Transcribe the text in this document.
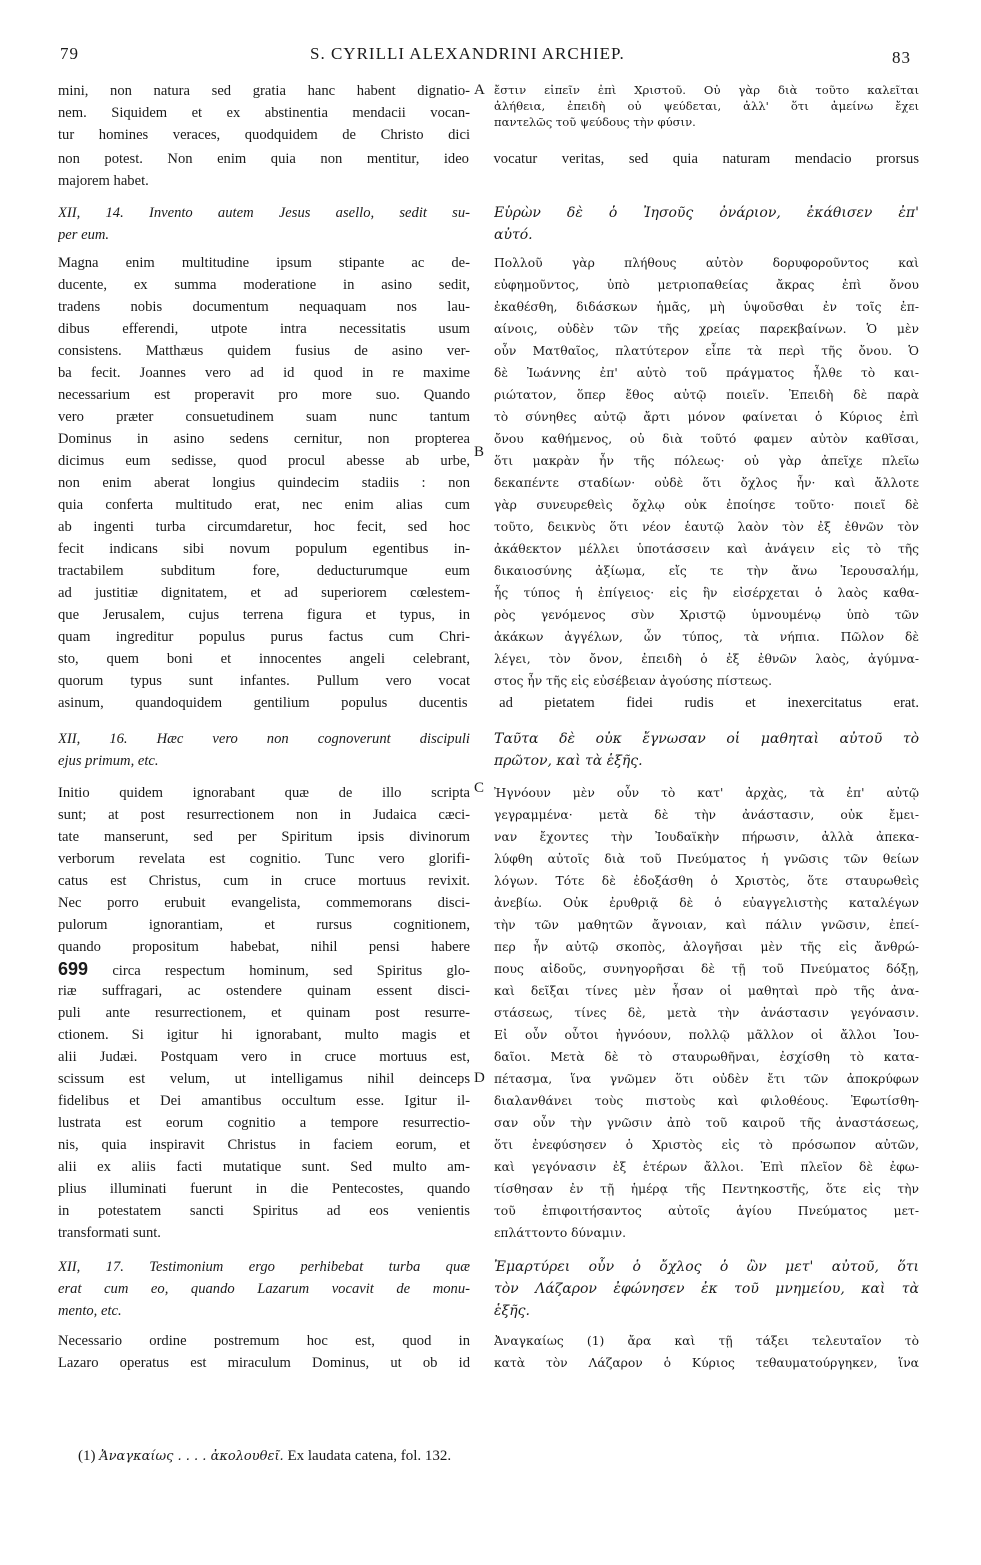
79	S. CYRILLI ALEXANDRINI ARCHIEP.	83
mini, non natura sed gratia hanc habent dignatio-
nem. Siquidem et ex abstinentia mendacii vocan-
tur homines veraces, quodquidem de Christo dici
A ἔστιν εἰπεῖν ἐπὶ Χριστοῦ. Οὐ γὰρ διὰ τοῦτο καλεῖται
ἀλήθεια, ἐπειδὴ οὐ ψεύδεται, ἀλλ' ὅτι ἀμείνω ἔχει
παντελῶς τοῦ ψεύδους τὴν φύσιν.
non potest. Non enim quia non mentitur, ideo vocatur veritas, sed quia naturam mendacio prorsus
majorem habet.
XII, 14. Invento autem Jesus asello, sedit su-
per eum.
Εὑρὼν δὲ ὁ Ἰησοῦς ὀνάριον, ἐκάθισεν ἐπ'
αὐτό.
Magna enim multitudine ipsum stipante ac de-
ducente, ex summa moderatione in asino sedit,
tradens nobis documentum nequaquam nos lau-
dibus efferendi, utpote intra necessitatis usum
consistens. Matthæus quidem fusius de asino ver-
ba fecit. Joannes vero ad id quod in re maxime
necessarium est properavit pro more suo. Quando
vero præter consuetudinem suam nunc tantum
Dominus in asino sedens cernitur, non propterea
dicimus eum sedisse, quod procul abesse ab urbe,
non enim aberat longius quindecim stadiis : non
quia conferta multitudo erat, nec enim alias cum
ab ingenti turba circumdaretur, hoc fecit, sed hoc
fecit indicans sibi novum populum egentibus in-
tractabilem subditum fore, deducturumque eum
ad justitiæ dignitatem, et ad superiorem cœlestem-
que Jerusalem, cujus terrena figura et typus, in
quam ingreditur populus purus factus cum Chri-
sto, quem boni et innocentes angeli celebrant,
quorum typus sunt infantes. Pullum vero vocat
B
Πολλοῦ γὰρ πλήθους αὐτὸν δορυφοροῦντος καὶ
εὐφημοῦντος, ὑπὸ μετριοπαθείας ἄκρας ἐπὶ ὄνου
ἐκαθέσθη, διδάσκων ἡμᾶς, μὴ ὑψοῦσθαι ἐν τοῖς ἐπ-
αίνοις, οὐδὲν τῶν τῆς χρείας παρεκβαίνων. Ὁ μὲν
οὖν Ματθαῖος, πλατύτερον εἶπε τὰ περὶ τῆς ὄνου. Ὁ
δὲ Ἰωάννης ἐπ' αὐτὸ τοῦ πράγματος ἦλθε τὸ και-
ριώτατον, ὅπερ ἔθος αὐτῷ ποιεῖν. Ἐπειδὴ δὲ παρὰ
τὸ σύνηθες αὐτῷ ἄρτι μόνον φαίνεται ὁ Κύριος ἐπὶ
ὄνου καθήμενος, οὐ διὰ τοῦτό φαμεν αὐτὸν καθῖσαι,
ὅτι μακρὰν ἦν τῆς πόλεως· οὐ γὰρ ἀπεῖχε πλεῖω
δεκαπέντε σταδίων· οὐδὲ ὅτι ὄχλος ἦν· καὶ ἄλλοτε
γὰρ συνευρεθεὶς ὄχλῳ οὐκ ἐποίησε τοῦτο· ποιεῖ δὲ
τοῦτο, δεικνὺς ὅτι νέον ἑαυτῷ λαὸν τὸν ἐξ ἐθνῶν τὸν
ἀκάθεκτον μέλλει ὑποτάσσειν καὶ ἀνάγειν εἰς τὸ τῆς
δικαιοσύνης ἀξίωμα, εἴς τε τὴν ἄνω Ἱερουσαλήμ,
ἧς τύπος ἡ ἐπίγειος· εἰς ἣν εἰσέρχεται ὁ λαὸς καθα-
ρὸς γενόμενος σὺν Χριστῷ ὑμνουμένῳ ὑπὸ τῶν
ἀκάκων ἀγγέλων, ὧν τύπος, τὰ νήπια. Πῶλον δὲ
λέγει, τὸν ὄνον, ἐπειδὴ ὁ ἐξ ἐθνῶν λαὸς, ἀγύμνα-
στος ἦν τῆς εἰς εὐσέβειαν ἀγούσης πίστεως.
asinum, quandoquidem gentilium populus ducentis ad pietatem fidei rudis et inexercitatus erat.
XII, 16. Hæc vero non cognoverunt discipuli
ejus primum, etc.
Ταῦτα δὲ οὐκ ἔγνωσαν οἱ μαθηταὶ αὐτοῦ τὸ
πρῶτον, καὶ τὰ ἑξῆς.
Initio quidem ignorabant quæ de illo scripta
sunt; at post resurrectionem non in Judaica cæci-
tate manserunt, sed per Spiritum ipsis divinorum
verborum revelata est cognitio. Tunc vero glorifi-
catus est Christus, cum in cruce mortuus revixit.
Nec porro erubuit evangelista, commemorans disci-
pulorum ignorantiam, et rursus cognitionem,
quando propositum habebat, nihil pensi habere
699 circa respectum hominum, sed Spiritus glo-
riæ suffragari, ac ostendere quinam essent disci-
puli ante resurrectionem, et quinam post resurre-
ctionem. Si igitur hi ignorabant, multo magis et
alii Judæi. Postquam vero in cruce mortuus est,
scissum est velum, ut intelligamus nihil deinceps
fidelibus et Dei amantibus occultum esse. Igitur il-
lustrata est eorum cognitio a tempore resurrectio-
nis, quia inspiravit Christus in faciem eorum, et
alii ex aliis facti mutatique sunt. Sed multo am-
plius illuminati fuerunt in die Pentecostes, quando
in potestatem sancti Spiritus ad eos venientis
transformati sunt.
C
D
Ἠγνόουν μὲν οὖν τὸ κατ' ἀρχὰς, τὰ ἐπ' αὐτῷ
γεγραμμένα· μετὰ δὲ τὴν ἀνάστασιν, οὐκ ἔμει-
ναν ἔχοντες τὴν Ἰουδαϊκὴν πήρωσιν, ἀλλὰ ἀπεκα-
λύφθη αὐτοῖς διὰ τοῦ Πνεύματος ἡ γνῶσις τῶν θείων
λόγων. Τότε δὲ ἐδοξάσθη ὁ Χριστὸς, ὅτε σταυρωθεὶς
ἀνεβίω. Οὐκ ἐρυθριᾷ δὲ ὁ εὐαγγελιστὴς καταλέγων
τὴν τῶν μαθητῶν ἄγνοιαν, καὶ πάλιν γνῶσιν, ἐπεί-
περ ἦν αὐτῷ σκοπὸς, ἀλογῆσαι μὲν τῆς εἰς ἄνθρώ-
πους αἰδοῦς, συνηγορῆσαι δὲ τῇ τοῦ Πνεύματος δόξῃ,
καὶ δεῖξαι τίνες μὲν ἦσαν οἱ μαθηταὶ πρὸ τῆς ἀνα-
στάσεως, τίνες δὲ, μετὰ τὴν ἀνάστασιν γεγόνασιν.
Εἰ οὖν οὗτοι ἠγνόουν, πολλῷ μᾶλλον οἱ ἄλλοι Ἰου-
δαῖοι. Μετὰ δὲ τὸ σταυρωθῆναι, ἐσχίσθη τὸ κατα-
πέτασμα, ἵνα γνῶμεν ὅτι οὐδὲν ἔτι τῶν ἀποκρύφων
διαλανθάνει τοὺς πιστοὺς καὶ φιλοθέους. Ἐφωτίσθη-
σαν οὖν τὴν γνῶσιν ἀπὸ τοῦ καιροῦ τῆς ἀναστάσεως,
ὅτι ἐνεφύσησεν ὁ Χριστὸς εἰς τὸ πρόσωπον αὐτῶν,
καὶ γεγόνασιν ἐξ ἑτέρων ἄλλοι. Ἐπὶ πλεῖον δὲ ἐφω-
τίσθησαν ἐν τῇ ἡμέρᾳ τῆς Πεντηκοστῆς, ὅτε εἰς τὴν
τοῦ ἐπιφοιτήσαντος αὐτοῖς ἁγίου Πνεύματος μετ-
επλάττοντο δύναμιν.
XII, 17. Testimonium ergo perhibebat turba quæ
erat cum eo, quando Lazarum vocavit de monu-
mento, etc.
Ἐμαρτύρει οὖν ὁ ὄχλος ὁ ὢν μετ' αὐτοῦ, ὅτι
τὸν Λάζαρον ἐφώνησεν ἐκ τοῦ μνημείου, καὶ τὰ
ἑξῆς.
Necessario ordine postremum hoc est, quod in
Lazaro operatus est miraculum Dominus, ut ob id
Ἀναγκαίως (1) ἄρα καὶ τῇ τάξει τελευταῖον τὸ
κατὰ τὸν Λάζαρον ὁ Κύριος τεθαυματούργηκεν, ἵνα
(1) Ἀναγκαίως . . . . ἀκολουθεῖ. Ex laudata catena, fol. 132.
